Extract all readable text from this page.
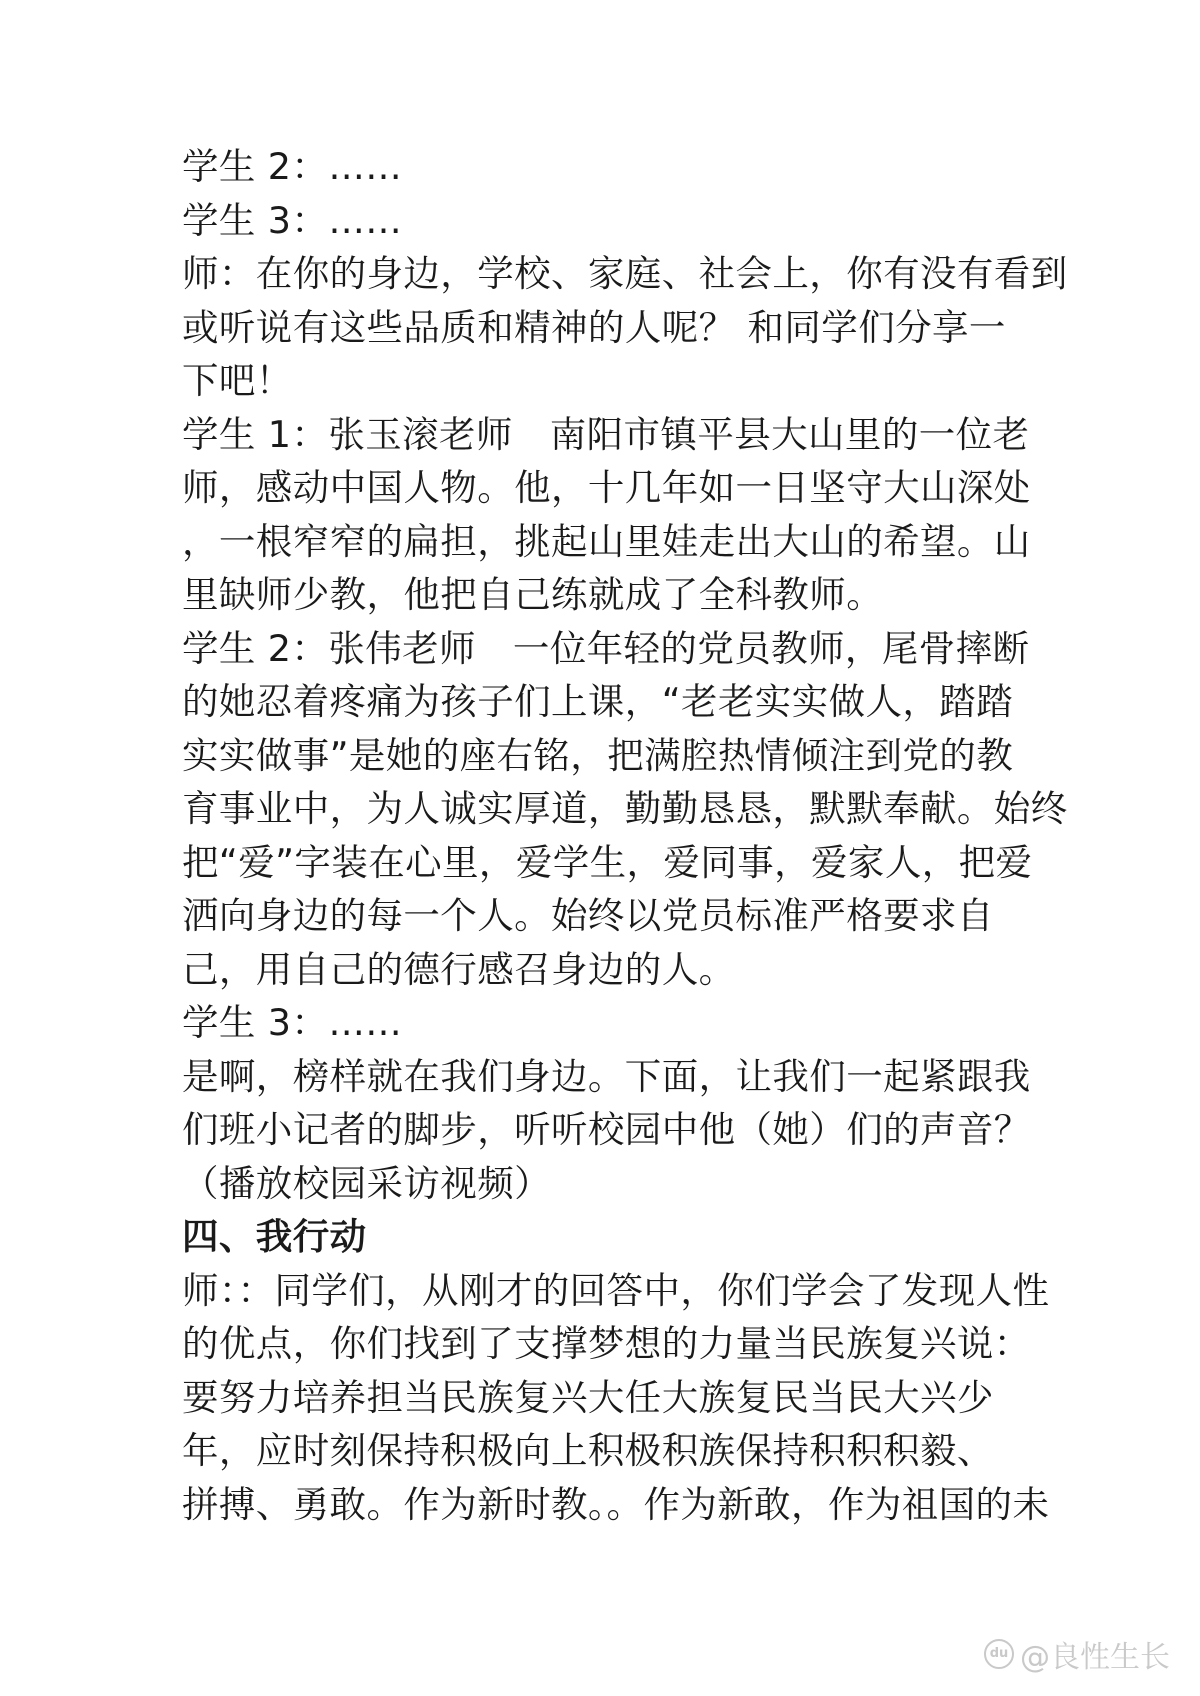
学生 2：……
学生 3：……
师：在你的身边，学校、家庭、社会上，你有没有看到
或听说有这些品质和精神的人呢？ 和同学们分享一
下吧！
学生 1：张玉滚老师　南阳市镇平县大山里的一位老
师，感动中国人物。他，十几年如一日坚守大山深处
，一根窄窄的扁担，挑起山里娃走出大山的希望。山
里缺师少教，他把自己练就成了全科教师。
学生 2：张伟老师　一位年轻的党员教师，尾骨摔断
的她忍着疼痛为孩子们上课，“老老实实做人，踏踏
实实做事”是她的座右铭，把满腔热情倾注到党的教
育事业中，为人诚实厚道，勤勤恳恳，默默奉献。始终
把“爱”字装在心里，爱学生，爱同事，爱家人，把爱
洒向身边的每一个人。始终以党员标准严格要求自
己，用自己的德行感召身边的人。
学生 3：……
是啊，榜样就在我们身边。下面，让我们一起紧跟我
们班小记者的脚步，听听校园中他（她）们的声音？
（播放校园采访视频）
四、我行动
师：：同学们，从刚才的回答中，你们学会了发现人性
的优点，你们找到了支撑梦想的力量当民族复兴说：
要努力培养担当民族复兴大任大族复民当民大兴少
年，应时刻保持积极向上积极积族保持积积积毅、
拼搏、勇敢。作为新时教。。作为新敢，作为祖国的未
du @良性生长
